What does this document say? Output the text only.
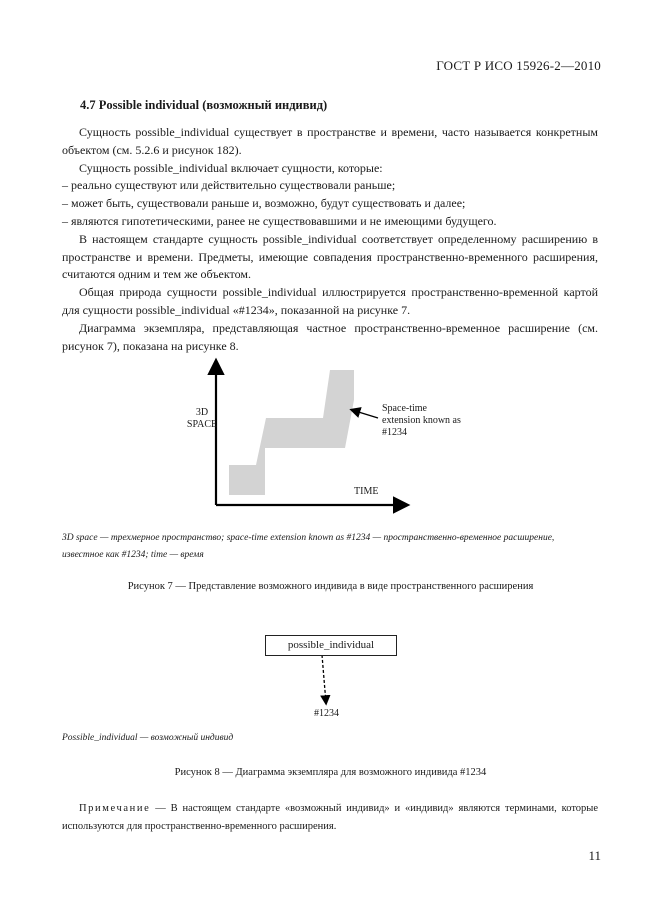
ГОСТ Р ИСО 15926-2—2010
4.7 Possible individual (возможный индивид)

Сущность possible_individual существует в пространстве и времени, часто называется конкретным объектом (см. 5.2.6 и рисунок 182).

Сущность possible_individual включает сущности, которые:

– реально существуют или действительно существовали раньше;

– может быть, существовали раньше и, возможно, будут существовать и далее;

– являются гипотетическими, ранее не существовавшими и не имеющими будущего.

В настоящем стандарте сущность possible_individual соответствует определенному расширению в пространстве и времени. Предметы, имеющие совпадения пространственно-временного расширения, считаются одним и тем же объектом.

Общая природа сущности possible_individual иллюстрируется пространственно-временной картой для сущности possible_individual «#1234», показанной на рисунке 7.

Диаграмма экземпляра, представляющая частное пространственно-временное расширение (см. рисунок 7), показана на рисунке 8.

3D
SPACE
TIME
Space-time
extension known as
#1234
3D space — трехмерное пространство; space-time extension known as #1234 — пространственно-временное расширение, известное как #1234; time — время
Рисунок 7 — Представление возможного индивида в виде пространственного расширения
possible_individual
#1234
Possible_individual — возможный индивид
Рисунок 8 — Диаграмма экземпляра для возможного индивида #1234
Примечание — В настоящем стандарте «возможный индивид» и «индивид» являются терминами, которые используются для пространственно-временного расширения.
11
